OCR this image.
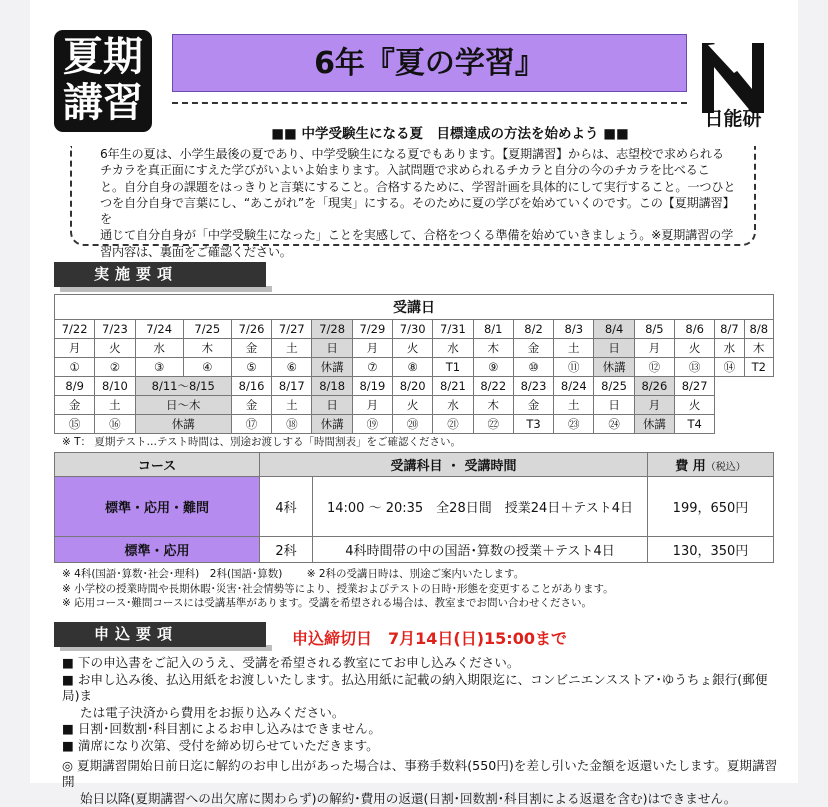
夏期
講習
6年『夏の学習』
日能研
■■ 中学受験生になる夏　目標達成の方法を始めよう ■■
6年生の夏は、小学生最後の夏であり、中学受験生になる夏でもあります。【夏期講習】からは、志望校で求められる
チカラを真正面にすえた学びがいよいよ始まります。入試問題で求められるチカラと自分の今のチカラを比べるこ
と。自分自身の課題をはっきりと言葉にすること。合格するために、学習計画を具体的にして実行すること。一つひと
つを自分自身で言葉にし、“あこがれ”を「現実」にする。そのために夏の学びを始めていくのです。この【夏期講習】を
通じて自分自身が「中学受験生になった」ことを実感して、合格をつくる準備を始めていきましょう。※夏期講習の学
習内容は、裏面をご確認ください。
実施要項
受講日																	
7/22	7/23	7/24	7/25	7/26	7/27	7/28	7/29	7/30	7/31	8/1	8/2	8/3	8/4	8/5	8/6	8/7	8/8
月	火	水	木	金	土	日	月	火	水	木	金	土	日	月	火	水	木
①	②	③	④	⑤	⑥	休講	⑦	⑧	T1	⑨	⑩	⑪	休講	⑫	⑬	⑭	T2
8/9	8/10	8/11〜8/15		8/16	8/17	8/18	8/19	8/20	8/21	8/22	8/23	8/24	8/25	8/26	8/27		
金	土	日〜木		金	土	日	月	火	水	木	金	土	日	月	火		
⑮	⑯	休講		⑰	⑱	休講	⑲	⑳	㉑	㉒	T3	㉓	㉔	休講	T4		
※ T： 夏期テスト…テスト時間は、別途お渡しする「時間割表」をご確認ください。
コース	受講科目 ・ 受講時間		費 用（税込）
標準・応用・難問	4科	14:00 ～ 20:35　全28日間　授業24日＋テスト4日	199，650円
標準・応用	2科	4科時間帯の中の国語･算数の授業＋テスト4日	130，350円
※ 4科(国語･算数･社会･理科)　2科(国語･算数)　　 ※ 2科の受講日時は、別途ご案内いたします。
※ 小学校の授業時間や長期休暇･災害･社会情勢等により、授業およびテストの日時･形態を変更することがあります。
※ 応用コース･難問コースには受講基準があります。受講を希望される場合は、教室までお問い合わせください。
申込要項	申込締切日　7月14日(日)15:00まで
■ 下の申込書をご記入のうえ、受講を希望される教室にてお申し込みください。
■ お申し込み後、払込用紙をお渡しいたします。払込用紙に記載の納入期限迄に、コンビニエンスストア･ゆうちょ銀行(郵便局)ま
たは電子決済から費用をお振り込みください。
■ 日割･回数割･科目割によるお申し込みはできません。
■ 満席になり次第、受付を締め切らせていただきます。
◎ 夏期講習開始日前日迄に解約のお申し出があった場合は、事務手数料(550円)を差し引いた金額を返還いたします。夏期講習開
始日以降(夏期講習への出欠席に関わらず)の解約･費用の返還(日割･回数割･科目割による返還を含む)はできません。
